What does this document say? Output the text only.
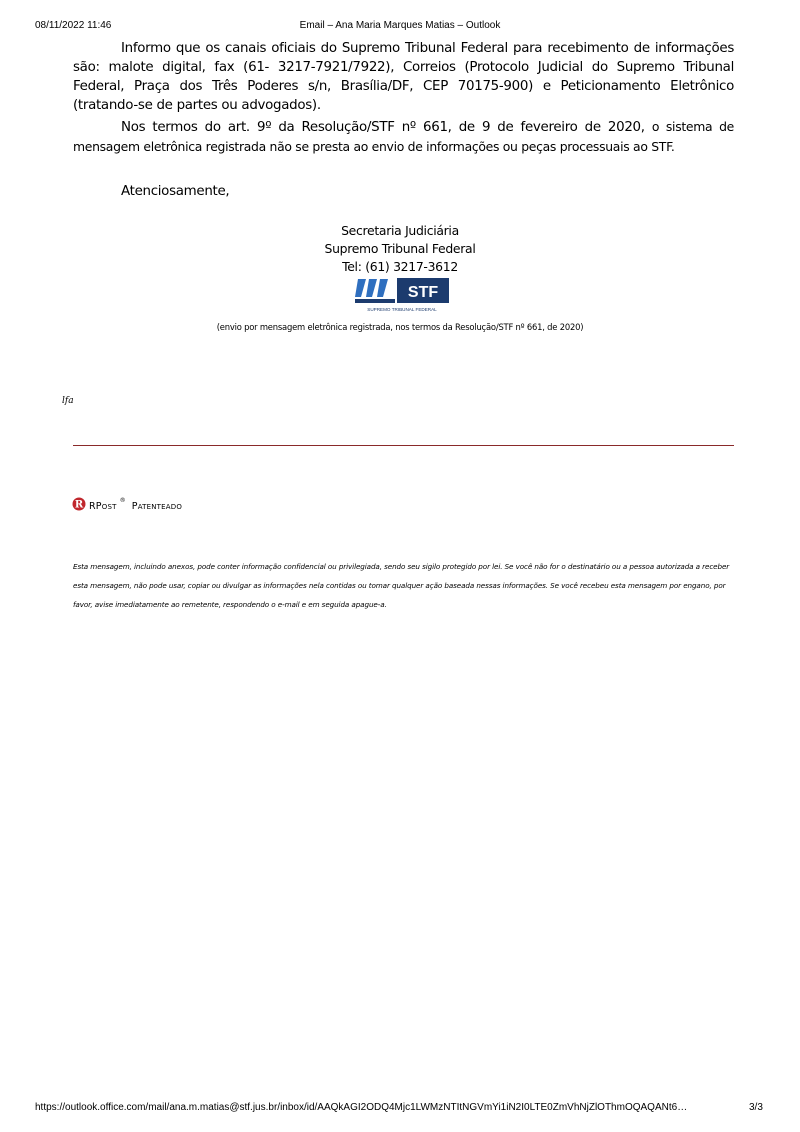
08/11/2022 11:46	Email – Ana Maria Marques Matias – Outlook
Informo que os canais oficiais do Supremo Tribunal Federal para recebimento de informações são: malote digital, fax (61- 3217-7921/7922), Correios (Protocolo Judicial do Supremo Tribunal Federal, Praça dos Três Poderes s/n, Brasília/DF, CEP 70175-900) e Peticionamento Eletrônico (tratando-se de partes ou advogados).
Nos termos do art. 9º da Resolução/STF nº 661, de 9 de fevereiro de 2020, o sistema de mensagem eletrônica registrada não se presta ao envio de informações ou peças processuais ao STF.
Atenciosamente,
Secretaria Judiciária
Supremo Tribunal Federal
Tel: (61) 3217-3612
STF
SUPREMO TRIBUNAL FEDERAL
(envio por mensagem eletrônica registrada, nos termos da Resolução/STF nº 661, de 2020)
lfa
R RPost®Patenteado
Esta mensagem, incluindo anexos, pode conter informação confidencial ou privilegiada, sendo seu sigilo protegido por lei. Se você não for o destinatário ou a pessoa autorizada a receber esta mensagem, não pode usar, copiar ou divulgar as informações nela contidas ou tomar qualquer ação baseada nessas informações. Se você recebeu esta mensagem por engano, por favor, avise imediatamente ao remetente, respondendo o e-mail e em seguida apague-a.
https://outlook.office.com/mail/ana.m.matias@stf.jus.br/inbox/id/AAQkAGI2ODQ4Mjc1LWMzNTItNGVmYi1iN2I0LTE0ZmVhNjZlOThmOQAQANt6…	3/3
